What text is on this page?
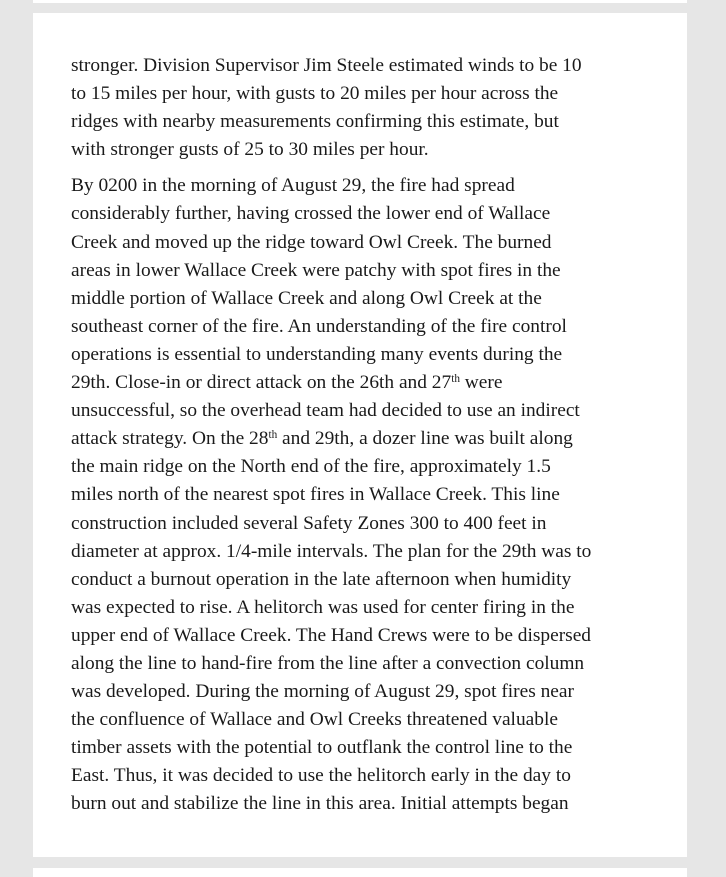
stronger. Division Supervisor Jim Steele estimated winds to be 10
to 15 miles per hour, with gusts to 20 miles per hour across the
ridges with nearby measurements confirming this estimate, but
with stronger gusts of 25 to 30 miles per hour.

By 0200 in the morning of August 29, the fire had spread
considerably further, having crossed the lower end of Wallace
Creek and moved up the ridge toward Owl Creek. The burned
areas in lower Wallace Creek were patchy with spot fires in the
middle portion of Wallace Creek and along Owl Creek at the
southeast corner of the fire. An understanding of the fire control
operations is essential to understanding many events during the
29th. Close-in or direct attack on the 26th and 27th were
unsuccessful, so the overhead team had decided to use an indirect
attack strategy. On the 28th and 29th, a dozer line was built along
the main ridge on the North end of the fire, approximately 1.5
miles north of the nearest spot fires in Wallace Creek. This line
construction included several Safety Zones 300 to 400 feet in
diameter at approx. 1/4-mile intervals. The plan for the 29th was to
conduct a burnout operation in the late afternoon when humidity
was expected to rise. A helitorch was used for center firing in the
upper end of Wallace Creek. The Hand Crews were to be dispersed
along the line to hand-fire from the line after a convection column
was developed. During the morning of August 29, spot fires near
the confluence of Wallace and Owl Creeks threatened valuable
timber assets with the potential to outflank the control line to the
East. Thus, it was decided to use the helitorch early in the day to
burn out and stabilize the line in this area. Initial attempts began
